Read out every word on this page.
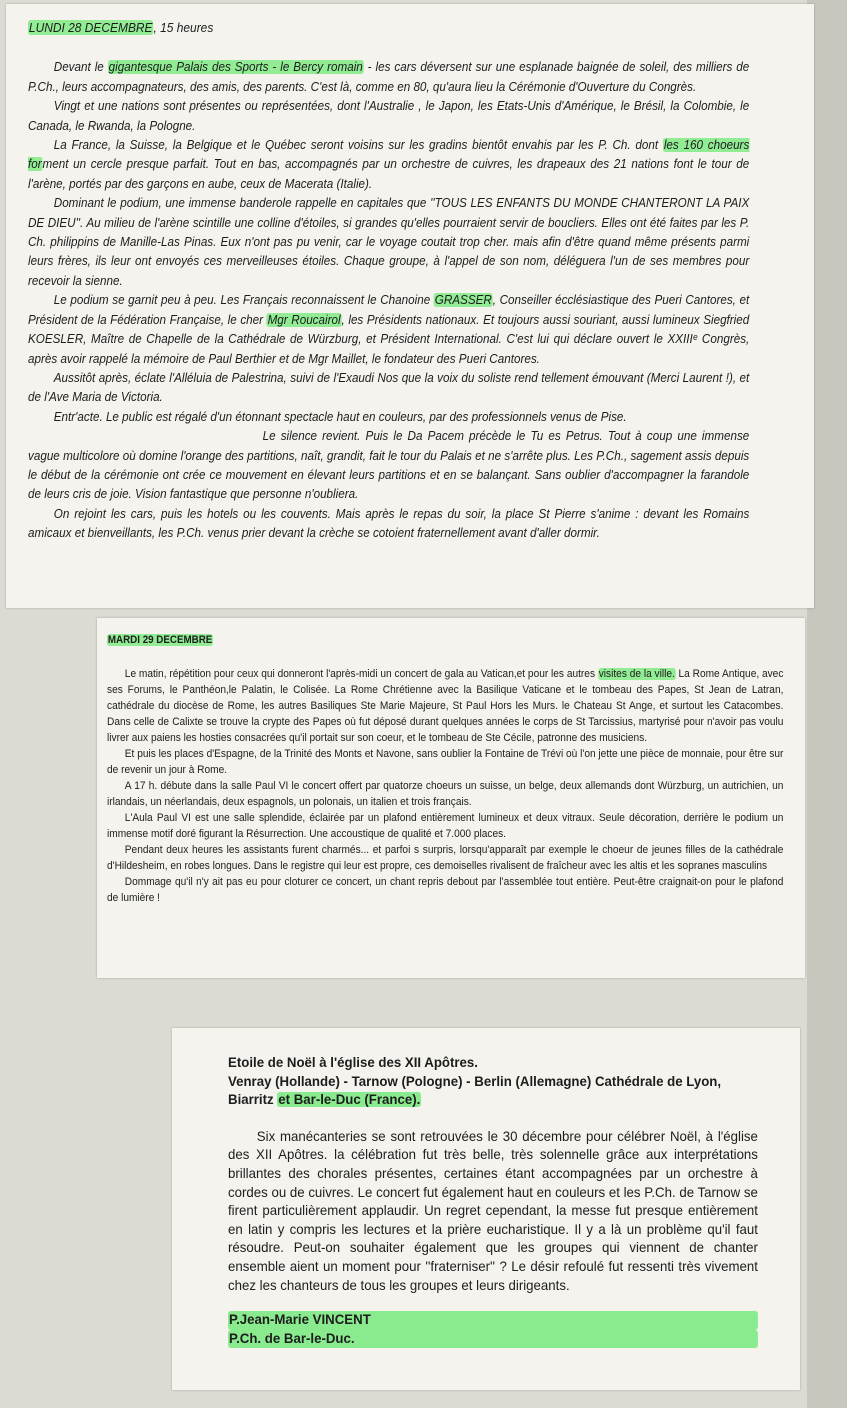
LUNDI 28 DECEMBRE, 15 heures

Devant le gigantesque Palais des Sports - le Bercy romain - les cars déversent sur une esplanade baignée de soleil, des milliers de P.Ch., leurs accompagnateurs, des amis, des parents. C'est là, comme en 80, qu'aura lieu la Cérémonie d'Ouverture du Congrès.

Vingt et une nations sont présentes ou représentées, dont l'Australie , le Japon, les Etats-Unis d'Amérique, le Brésil, la Colombie, le Canada, le Rwanda, la Pologne.

La France, la Suisse, la Belgique et le Québec seront voisins sur les gradins bientôt envahis par les P. Ch. dont les 160 choeurs forment un cercle presque parfait. Tout en bas, accompagnés par un orchestre de cuivres, les drapeaux des 21 nations font le tour de l'arène, portés par des garçons en aube, ceux de Macerata (Italie).

Dominant le podium, une immense banderole rappelle en capitales que ''TOUS LES ENFANTS DU MONDE CHANTERONT LA PAIX DE DIEU''. Au milieu de l'arène scintille une colline d'étoiles, si grandes qu'elles pourraient servir de boucliers. Elles ont été faites par les P. Ch. philippins de Manille-Las Pinas. Eux n'ont pas pu venir, car le voyage coutait trop cher. mais afin d'être quand même présents parmi leurs frères, ils leur ont envoyés ces merveilleuses étoiles. Chaque groupe, à l'appel de son nom, déléguera l'un de ses membres pour recevoir la sienne.

Le podium se garnit peu à peu. Les Français reconnaissent le Chanoine GRASSER, Conseiller écclésiastique des Pueri Cantores, et Président de la Fédération Française, le cher Mgr Roucairol, les Présidents nationaux. Et toujours aussi souriant, aussi lumineux Siegfried KOESLER, Maître de Chapelle de la Cathédrale de Würzburg, et Président International. C'est lui qui déclare ouvert le XXIIIᵉ Congrès, après avoir rappelé la mémoire de Paul Berthier et de Mgr Maillet, le fondateur des Pueri Cantores.

Aussitôt après, éclate l'Alléluia de Palestrina, suivi de l'Exaudi Nos que la voix du soliste rend tellement émouvant (Merci Laurent !), et de l'Ave Maria de Victoria.

Entr'acte. Le public est régalé d'un étonnant spectacle haut en couleurs, par des professionnels venus de Pise.

Le silence revient. Puis le Da Pacem précède le Tu es Petrus. Tout à coup une immense vague multicolore où domine l'orange des partitions, naît, grandit, fait le tour du Palais et ne s'arrête plus. Les P.Ch., sagement assis depuis le début de la cérémonie ont crée ce mouvement en élevant leurs partitions et en se balançant. Sans oublier d'accompagner la farandole de leurs cris de joie. Vision fantastique que personne n'oubliera.

On rejoint les cars, puis les hotels ou les couvents. Mais après le repas du soir, la place St Pierre s'anime : devant les Romains amicaux et bienveillants, les P.Ch. venus prier devant la crèche se cotoient fraternellement avant d'aller dormir.

MARDI 29 DECEMBRE

Le matin, répétition pour ceux qui donneront l'après-midi un concert de gala au Vatican,et pour les autres visites de la ville. La Rome Antique, avec ses Forums, le Panthéon,le Palatin, le Colisée. La Rome Chrétienne avec la Basilique Vaticane et le tombeau des Papes, St Jean de Latran, cathédrale du diocèse de Rome, les autres Basiliques Ste Marie Majeure, St Paul Hors les Murs. le Chateau St Ange, et surtout les Catacombes. Dans celle de Calixte se trouve la crypte des Papes où fut déposé durant quelques années le corps de St Tarcissius, martyrisé pour n'avoir pas voulu livrer aux paiens les hosties consacrées qu'il portait sur son coeur, et le tombeau de Ste Cécile, patronne des musiciens.

Et puis les places d'Espagne, de la Trinité des Monts et Navone, sans oublier la Fontaine de Trévi où l'on jette une pièce de monnaie, pour être sur de revenir un jour à Rome.

A 17 h. débute dans la salle Paul VI le concert offert par quatorze choeurs un suisse, un belge, deux allemands dont Würzburg, un autrichien, un irlandais, un néerlandais, deux espagnols, un polonais, un italien et trois français.

L'Aula Paul VI est une salle splendide, éclairée par un plafond entièrement lumineux et deux vitraux. Seule décoration, derrière le podium un immense motif doré figurant la Résurrection. Une accoustique de qualité et 7.000 places.

Pendant deux heures les assistants furent charmés... et parfoi s surpris, lorsqu'apparaît par exemple le choeur de jeunes filles de la cathédrale d'Hildesheim, en robes longues. Dans le registre qui leur est propre, ces demoiselles rivalisent de fraîcheur avec les altis et les sopranes masculins

Dommage qu'il n'y ait pas eu pour cloturer ce concert, un chant repris debout par l'assemblée tout entière. Peut-être craignait-on pour le plafond de lumière !

Etoile de Noël à l'église des XII Apôtres.
Venray (Hollande) - Tarnow (Pologne) - Berlin (Allemagne) Cathédrale de Lyon, Biarritz et Bar-le-Duc (France).

Six manécanteries se sont retrouvées le 30 décembre pour célébrer Noël, à l'église des XII Apôtres. la célébration fut très belle, très solennelle grâce aux interprétations brillantes des chorales présentes, certaines étant accompagnées par un orchestre à cordes ou de cuivres. Le concert fut également haut en couleurs et les P.Ch. de Tarnow se firent particulièrement applaudir. Un regret cependant, la messe fut presque entièrement en latin y compris les lectures et la prière eucharistique. Il y a là un problème qu'il faut résoudre. Peut-on souhaiter également que les groupes qui viennent de chanter ensemble aient un moment pour ''fraterniser'' ? Le désir refoulé fut ressenti très vivement chez les chanteurs de tous les groupes et leurs dirigeants.

P.Jean-Marie VINCENT
P.Ch. de Bar-le-Duc.
